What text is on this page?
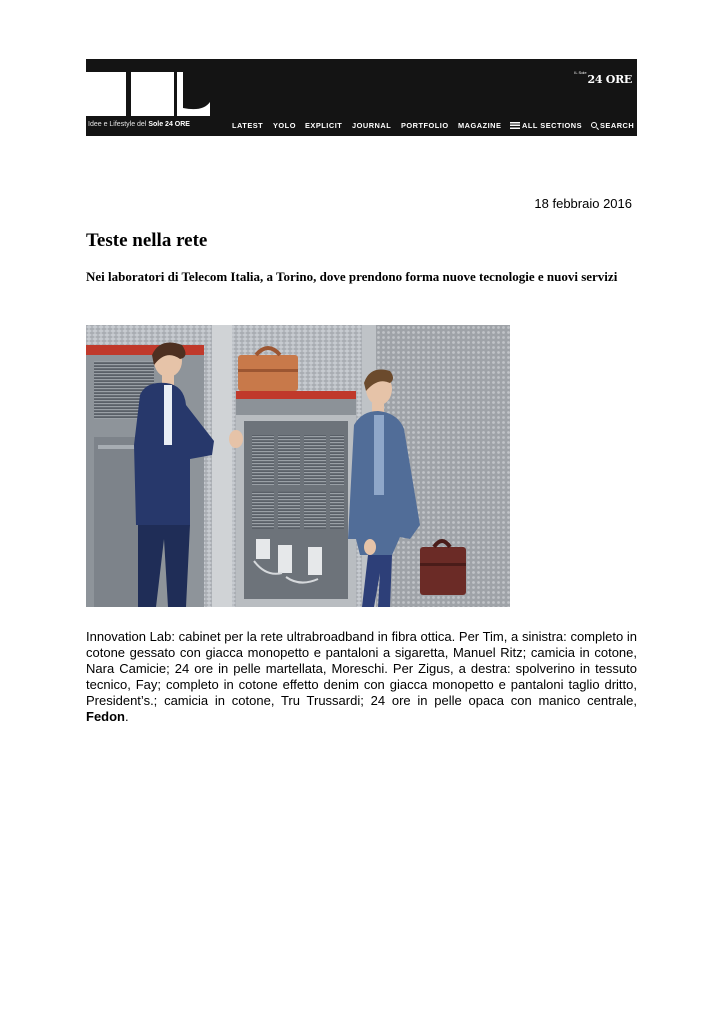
Idee e Lifestyle del Sole 24 ORE
$^{IL Sole}$24 ORE
LATEST YOLO EXPLICIT JOURNAL PORTFOLIO MAGAZINE	ALL SECTIONS	SEARCH
18 febbraio 2016
Teste nella rete

Nei laboratori di Telecom Italia, a Torino, dove prendono forma nuove tecnologie e nuovi servizi

Innovation Lab: cabinet per la rete ultrabroadband in fibra ottica. Per Tim, a sinistra: completo in cotone gessato con giacca monopetto e pantaloni a sigaretta, Manuel Ritz; camicia in cotone, Nara Camicie; 24 ore in pelle martellata, Moreschi. Per Zigus, a destra: spolverino in tessuto tecnico, Fay; completo in cotone effetto denim con giacca monopetto e pantaloni taglio dritto, President’s.; camicia in cotone, Tru Trussardi; 24 ore in pelle opaca con manico centrale, Fedon.
